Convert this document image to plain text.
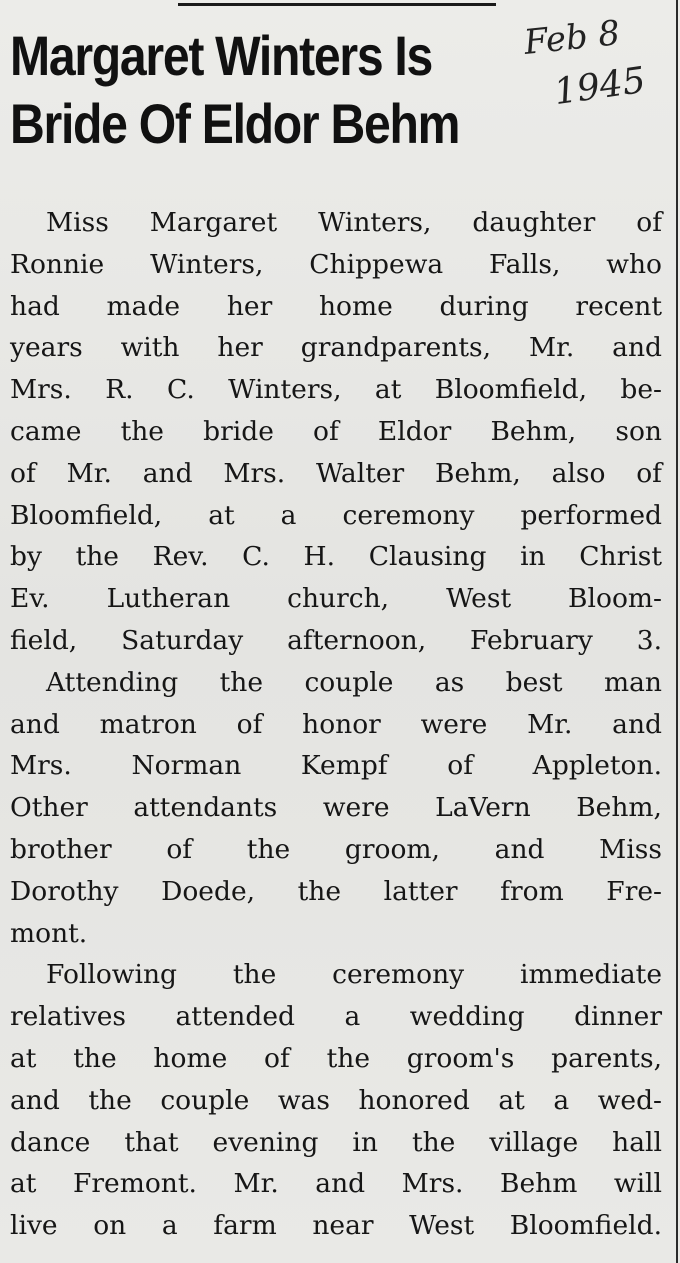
Margaret Winters Is
Bride Of Eldor Behm
Feb 8
1945

Miss Margaret Winters, daughter of
Ronnie Winters, Chippewa Falls, who
had made her home during recent
years with her grandparents, Mr. and
Mrs. R. C. Winters, at Bloomfield, be-
came the bride of Eldor Behm, son
of Mr. and Mrs. Walter Behm, also of
Bloomfield, at a ceremony performed
by the Rev. C. H. Clausing in Christ
Ev. Lutheran church, West Bloom-
field, Saturday afternoon, February 3.

Attending the couple as best man
and matron of honor were Mr. and
Mrs. Norman Kempf of Appleton.
Other attendants were LaVern Behm,
brother of the groom, and Miss
Dorothy Doede, the latter from Fre-
mont.

Following the ceremony immediate
relatives attended a wedding dinner
at the home of the groom's parents,
and the couple was honored at a wed-
dance that evening in the village hall
at Fremont. Mr. and Mrs. Behm will
live on a farm near West Bloomfield.
